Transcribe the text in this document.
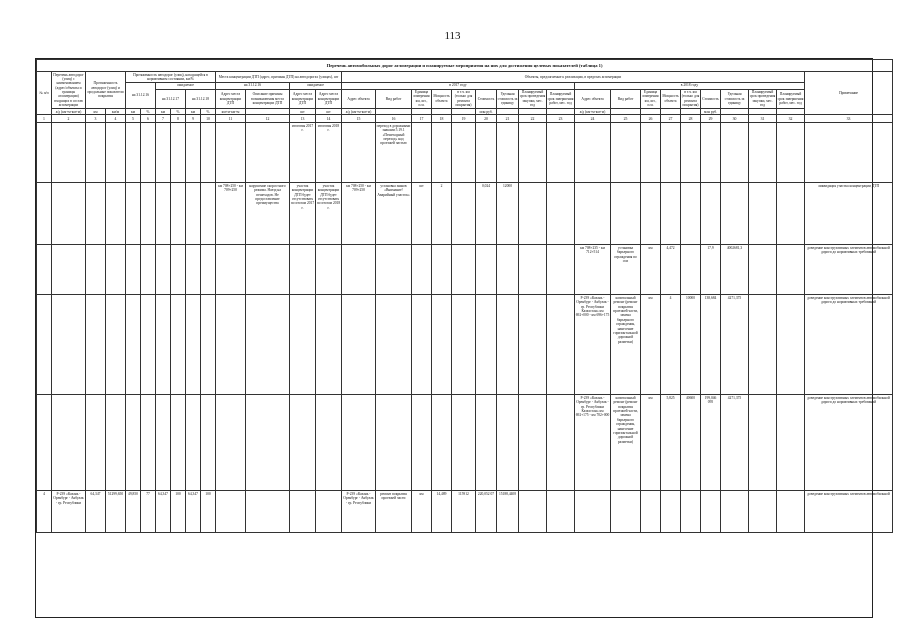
113
Перечень автомобильных дорог агломерации и планируемые мероприятия на них для достижения целевых показателей (таблица 1)																																
№ п/п	Перечень автодорог (улиц) с наименованием (адрес/объекты и границы агломерации) входящих в состав агломерации	Протяженность автодорог (улиц) и продольные показатели покрытия		Протяженность автодорог (улиц), находящейся в нормативном состоянии, км/%						Места концентрации ДТП (адрес, причины ДТП) на автодорогах (улицах), шт				Объекты, предлагаемые к реализации, в пределах агломерации																		Примечание
				на 31.12.16		ожидаемое				на 31.12.16		ожидаемое		в 2017 году									в 2018 году									
						на 31.12.17		на 31.12.18		Адрес места концентрации ДТП	Описание причины возникновения места концентрации ДТП	Адрес места концентрации ДТП	Адрес места концентрации ДТП	Адрес объекта	Вид работ	Единица измерения км, шт., п.м.	Мощность объекта	в т.ч. км (только для ремонта покрытия)	Стоимость	Удельная стоимость за единицу	Планируемый срок проведения закупки, мес. год	Планируемый срок завершения работ, мес. год	Адрес объекта	Вид работ	Единица измерения км, шт., п.м.	Мощность объекта	в т.ч. км (только для ремонта покрытия)	Стоимость	Удельная стоимость за единицу	Планируемый срок проведения закупки, мес. год	Планируемый срок завершения работ, мес. год	
	а/д (км+м-км+м)	км	км/м	км	%	км	%	км	%	км+м-км+м		шт	шт	а/д (км+м-км+м)					млн руб.				а/д (км+м-км+м)					млн руб.				
1	2	3	4	5	6	7	8	9	10	11	12	13	14	15	16	17	18	19	20	21	22	23	24	25	26	27	28	29	30	31	32	33
												итоговая 2017 г.	итоговая 2018 г.		переход в дорожными знаками 5.19.1 «Пешеходный переход» над проезжей частью																	
										км 708+250 - км 709+250	нарушение скоростного режима. Наезд на пешеходов. Не предоставление преимущества	участок концентрации ДТП будет отсутствовать по итогам 2017 г.	участок концентрации ДТП будет отсутствовать по итогам 2018 г.	км 708+250 - км 709+250	установка знаков «Внимание! Аварийный участок»	шт	2		0,024	12000												ликвидация участка концентрации ДТП
																							км 708+235 - км 712+514	установка барьерного ограждения по оси	км	4,472		17,9	4002681,3			доведение конструктивных элементов автомобильной дороги до нормативных требований
																							Р-239 «Казань - Оренбург - Акбулак - гр. Республики Казахстан» км 692+000 - км 696+175	капитальный ремонт (ремонт покрытия проезжей части, замена барьерного ограждения, нанесение горизонтальной дорожной разметки)	км	4	10000	138,684	4271,375			доведение конструктивных элементов автомобильной дороги до нормативных требований
																							Р-239 «Казань - Оренбург - Акбулак - гр. Республики Казахстан» км 692+175 - км 702+000	капитальный ремонт (ремонт покрытия проезжей части, замена барьерного ограждения, нанесение горизонтальной дорожной разметки)	км	5,825	40600	199,046 095	4271,375			доведение конструктивных элементов автомобильной дороги до нормативных требований
4	Р-239 «Казань - Оренбург - Акбулак - гр. Республики	64,347	51299,650	49,850	77	64,347	100	64,347	100					Р-239 «Казань - Оренбург - Акбулак - гр. Республики	ремонт покрытия проезжей части	км	14,489	115912	220,052 07	15188,4408												доведение конструктивных элементов автомобильной
